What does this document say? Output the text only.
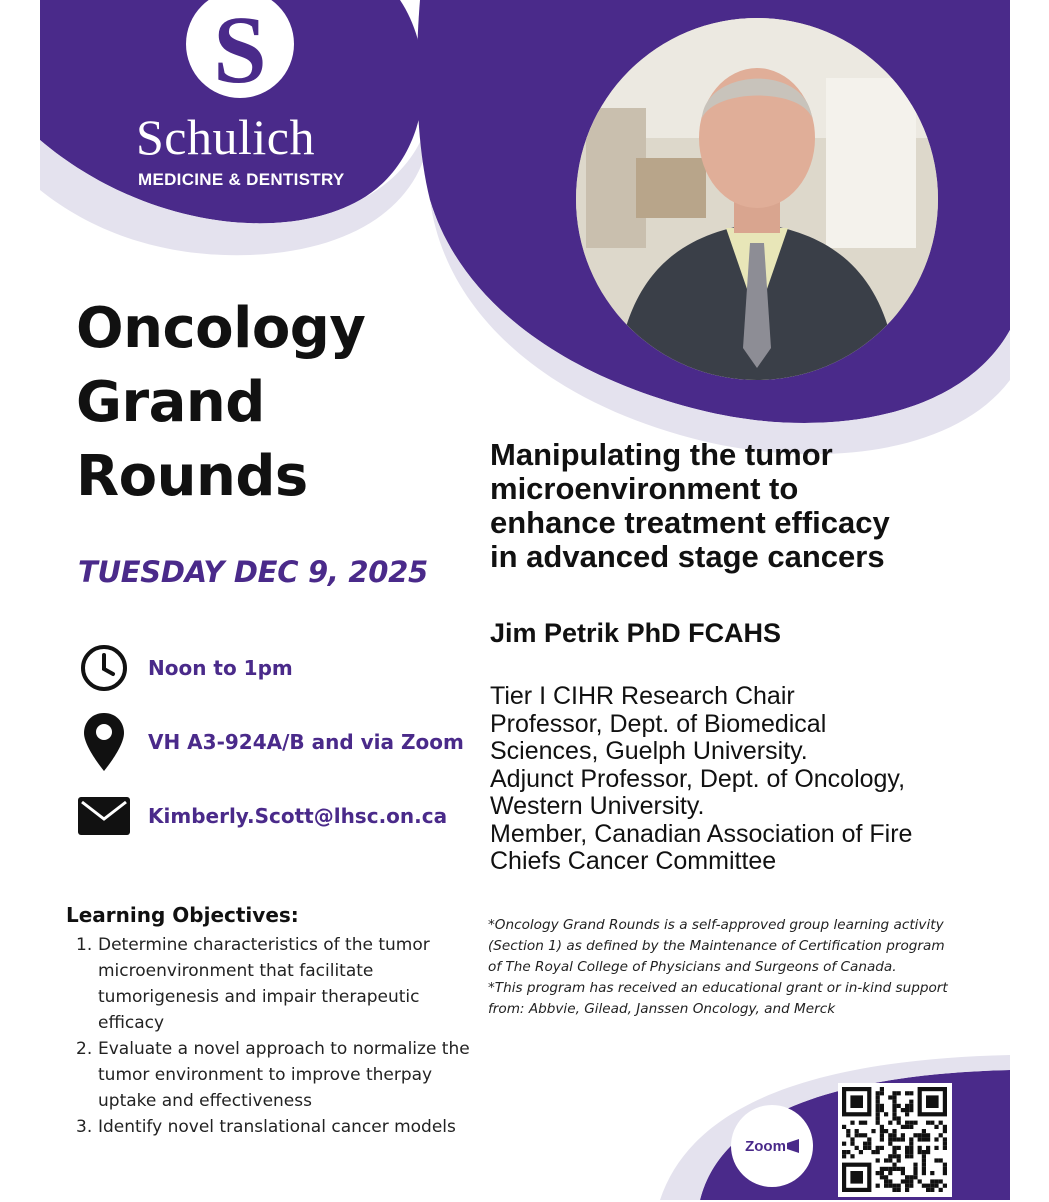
S
Schulich
MEDICINE & DENTISTRY
Oncology
Grand
Rounds
TUESDAY DEC 9, 2025
Noon to 1pm
VH A3-924A/B and via Zoom
Kimberly.Scott@lhsc.on.ca
Manipulating the tumor
microenvironment to
enhance treatment efficacy
in advanced stage cancers
Jim Petrik PhD FCAHS
Tier I CIHR Research Chair
Professor, Dept. of Biomedical
Sciences, Guelph University.
Adjunct Professor, Dept. of Oncology,
Western University.
Member, Canadian Association of Fire
Chiefs Cancer Committee
Learning Objectives:
1. Determine characteristics of the tumor microenvironment that facilitate tumorigenesis and impair therapeutic efficacy
2. Evaluate a novel approach to normalize the tumor environment to improve therpay uptake and effectiveness
3. Identify novel translational cancer models

*Oncology Grand Rounds is a self-approved group learning activity (Section 1) as defined by the Maintenance of Certification program of The Royal College of Physicians and Surgeons of Canada.

*This program has received an educational grant or in-kind support from: Abbvie, Gilead, Janssen Oncology, and Merck

Zoom
